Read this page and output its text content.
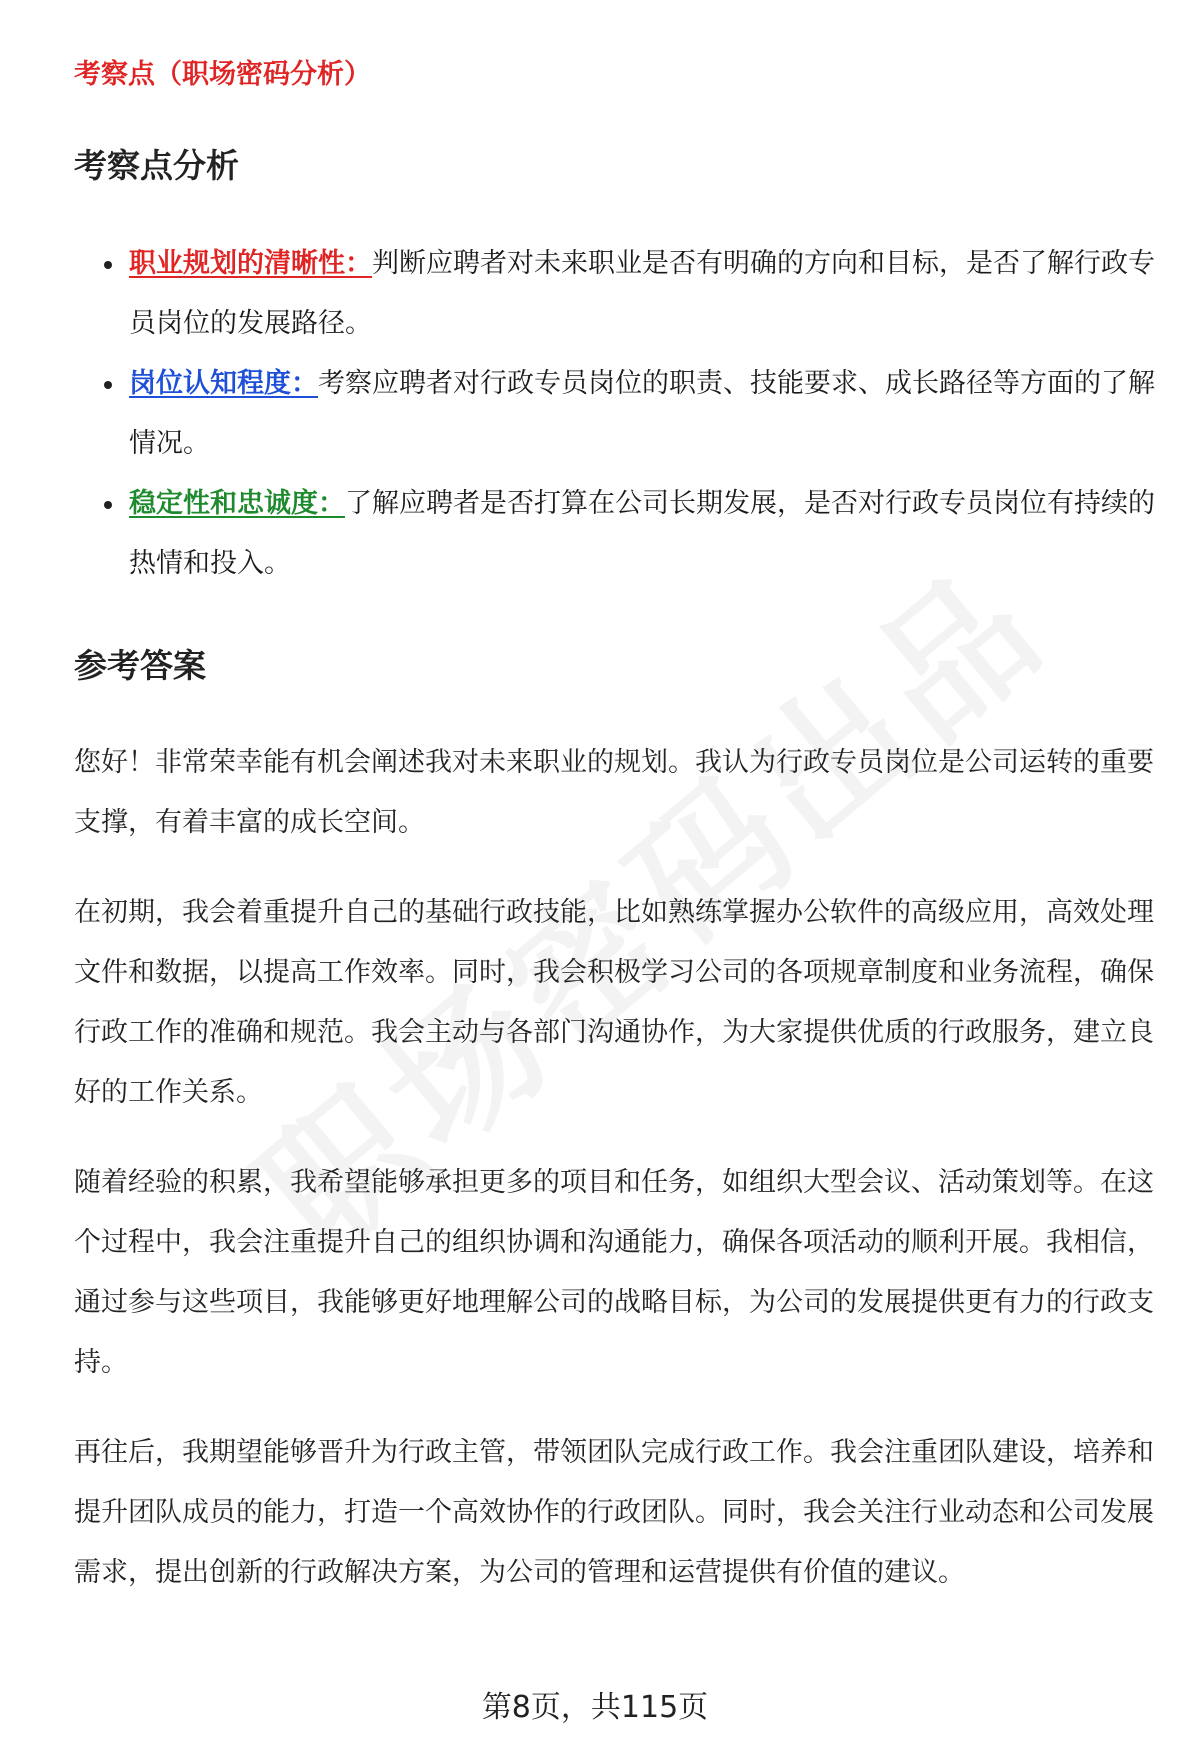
考察点（职场密码分析）
考察点分析
职业规划的清晰性：判断应聘者对未来职业是否有明确的方向和目标，是否了解行政专员岗位的发展路径。
岗位认知程度：考察应聘者对行政专员岗位的职责、技能要求、成长路径等方面的了解情况。
稳定性和忠诚度：了解应聘者是否打算在公司长期发展，是否对行政专员岗位有持续的热情和投入。
参考答案

您好！非常荣幸能有机会阐述我对未来职业的规划。我认为行政专员岗位是公司运转的重要支撑，有着丰富的成长空间。

在初期，我会着重提升自己的基础行政技能，比如熟练掌握办公软件的高级应用，高效处理文件和数据，以提高工作效率。同时，我会积极学习公司的各项规章制度和业务流程，确保行政工作的准确和规范。我会主动与各部门沟通协作，为大家提供优质的行政服务，建立良好的工作关系。

随着经验的积累，我希望能够承担更多的项目和任务，如组织大型会议、活动策划等。在这个过程中，我会注重提升自己的组织协调和沟通能力，确保各项活动的顺利开展。我相信，通过参与这些项目，我能够更好地理解公司的战略目标，为公司的发展提供更有力的行政支持。

再往后，我期望能够晋升为行政主管，带领团队完成行政工作。我会注重团队建设，培养和提升团队成员的能力，打造一个高效协作的行政团队。同时，我会关注行业动态和公司发展需求，提出创新的行政解决方案，为公司的管理和运营提供有价值的建议。

第8页，共115页
